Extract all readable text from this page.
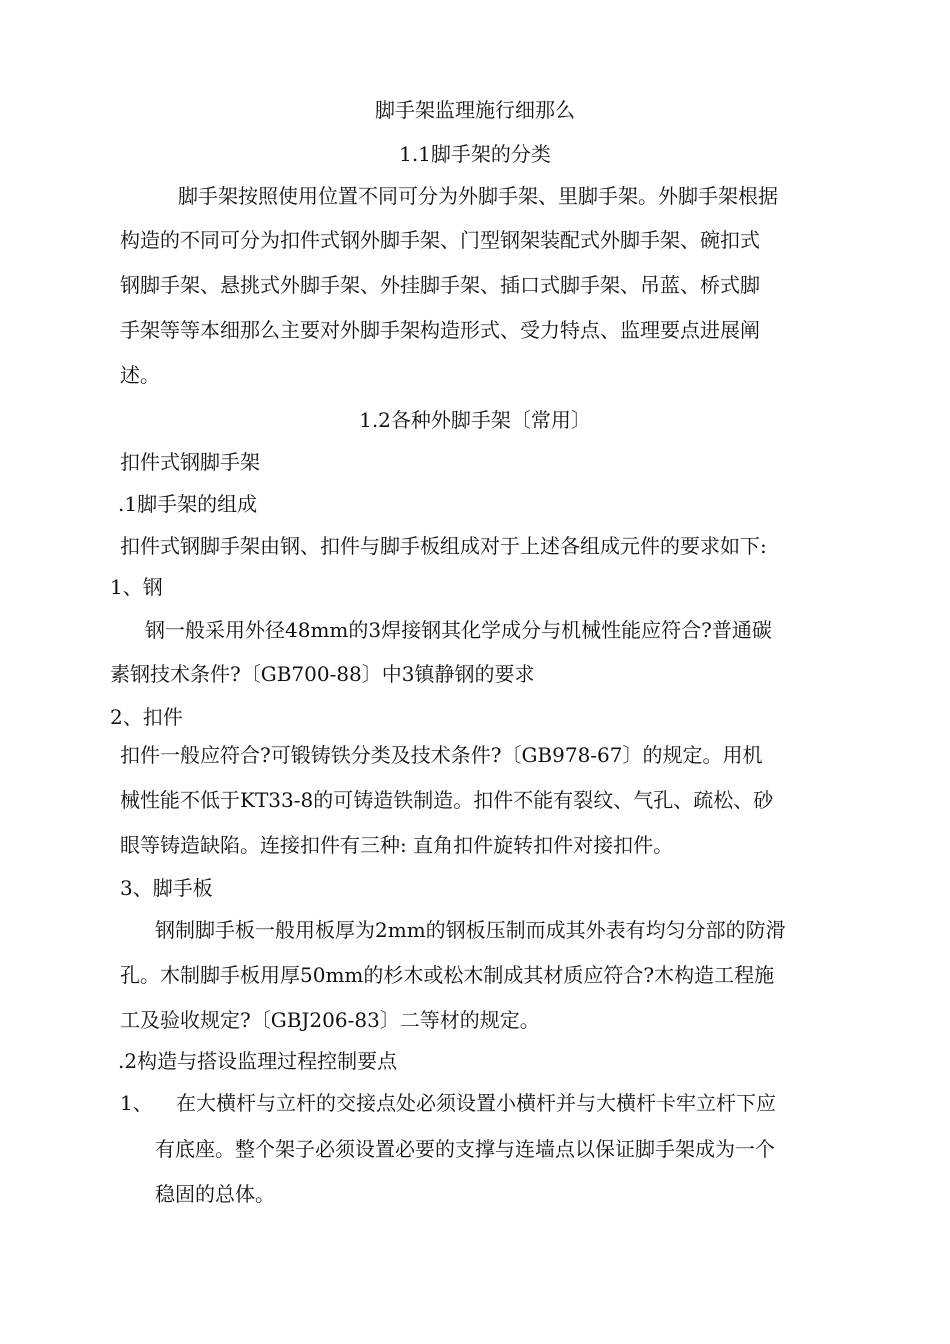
脚手架监理施行细那么
1.1脚手架的分类
脚手架按照使用位置不同可分为外脚手架、里脚手架。外脚手架根据
构造的不同可分为扣件式钢外脚手架、门型钢架装配式外脚手架、碗扣式
钢脚手架、悬挑式外脚手架、外挂脚手架、插口式脚手架、吊蓝、桥式脚
手架等等本细那么主要对外脚手架构造形式、受力特点、监理要点进展阐
述。
1.2各种外脚手架〔常用〕
扣件式钢脚手架
.1脚手架的组成
扣件式钢脚手架由钢、扣件与脚手板组成对于上述各组成元件的要求如下:
1、钢
钢一般采用外径48mm的3焊接钢其化学成分与机械性能应符合?普通碳
素钢技术条件?〔GB700-88〕中3镇静钢的要求
2、扣件
扣件一般应符合?可锻铸铁分类及技术条件?〔GB978-67〕的规定。用机
械性能不低于KT33-8的可铸造铁制造。扣件不能有裂纹、气孔、疏松、砂
眼等铸造缺陷。连接扣件有三种: 直角扣件旋转扣件对接扣件。
3、脚手板
钢制脚手板一般用板厚为2mm的钢板压制而成其外表有均匀分部的防滑
孔。木制脚手板用厚50mm的杉木或松木制成其材质应符合?木构造工程施
工及验收规定?〔GBJ206-83〕二等材的规定。
.2构造与搭设监理过程控制要点
1、 在大横杆与立杆的交接点处必须设置小横杆并与大横杆卡牢立杆下应
有底座。整个架子必须设置必要的支撑与连墙点以保证脚手架成为一个
稳固的总体。
